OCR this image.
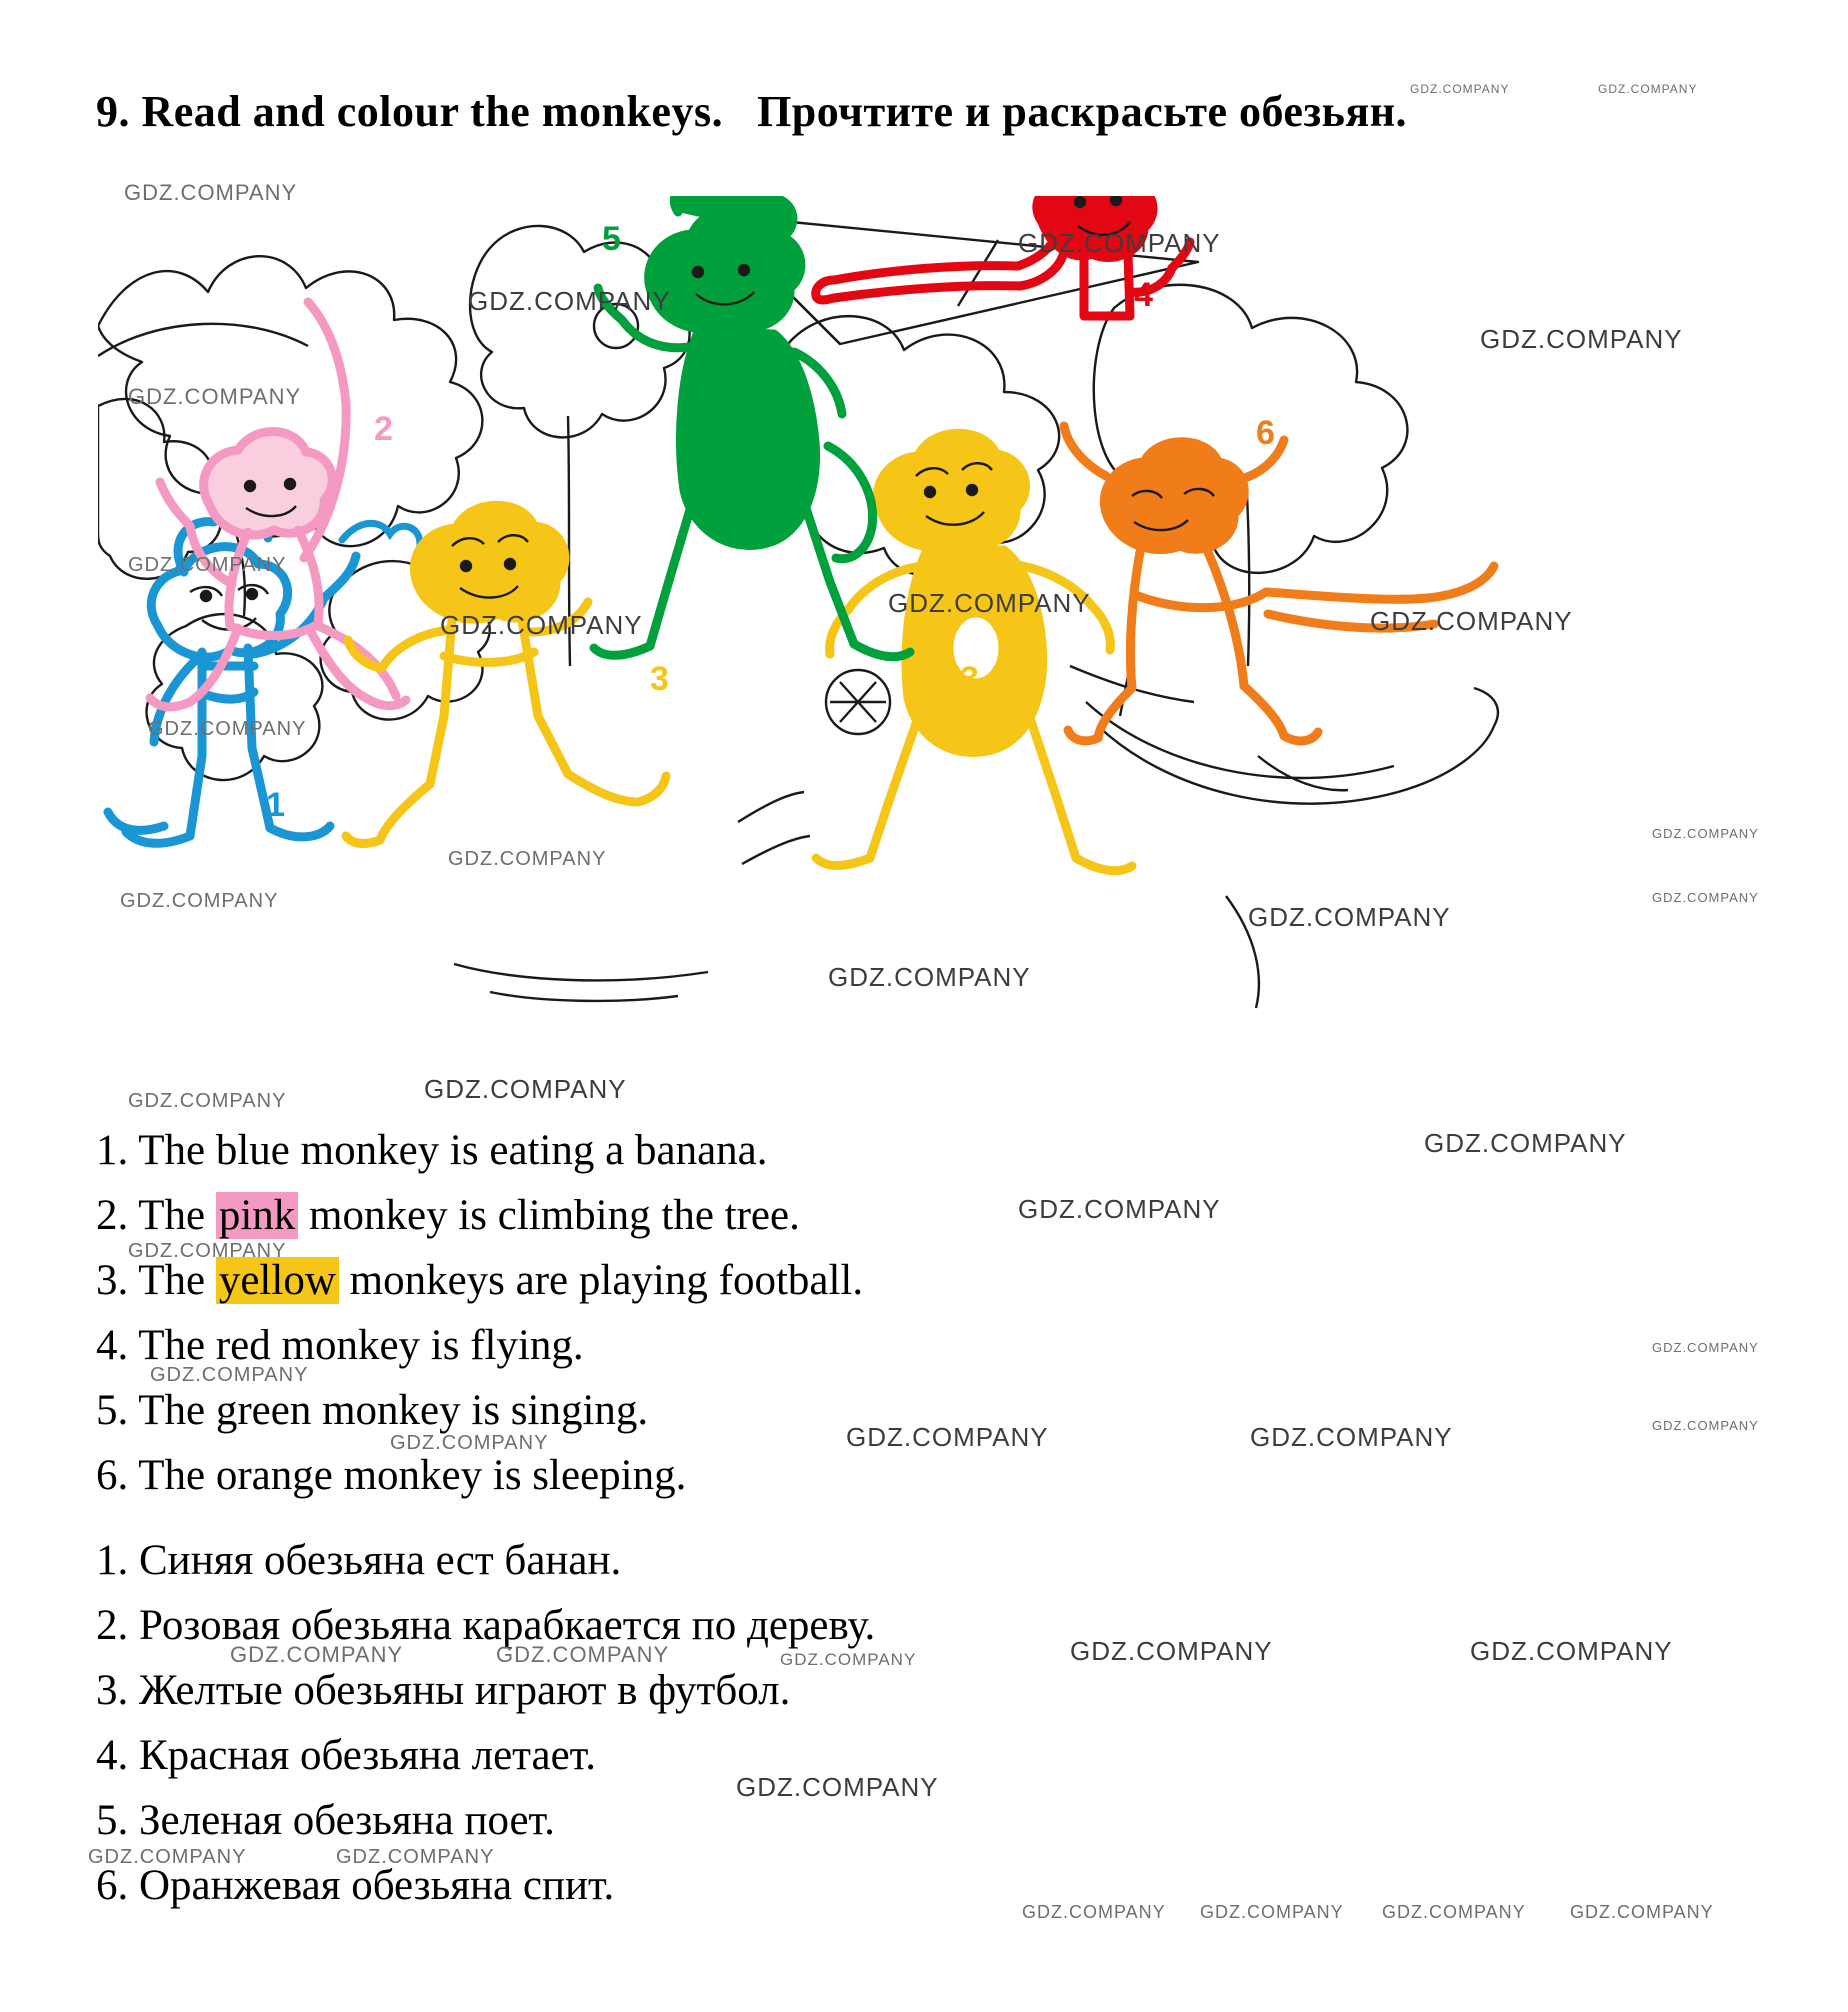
9. Read and colour the monkeys. Прочтите и раскрасьте обезьян.
1
2
3	3
4
5
6
1. The blue monkey is eating a banana.
2. The pink monkey is climbing the tree.
3. The yellow monkeys are playing football.
4. The red monkey is flying.
5. The green monkey is singing.
6. The orange monkey is sleeping.
1. Синяя обезьяна ест банан.
2. Розовая обезьяна карабкается по дереву.
3. Желтые обезьяны играют в футбол.
4. Красная обезьяна летает.
5. Зеленая обезьяна поет.
6. Оранжевая обезьяна спит.
GDZ.COMPANY
GDZ.COMPANY	GDZ.COMPANY
GDZ.COMPANY
GDZ.COMPANY
GDZ.COMPANY
GDZ.COMPANY
GDZ.COMPANY
GDZ.COMPANY
GDZ.COMPANY
GDZ.COMPANY
GDZ.COMPANY
GDZ.COMPANY
GDZ.COMPANY
GDZ.COMPANY
GDZ.COMPANY
GDZ.COMPANY
GDZ.COMPANY
GDZ.COMPANY
GDZ.COMPANY
GDZ.COMPANY
GDZ.COMPANY
GDZ.COMPANY
GDZ.COMPANY
GDZ.COMPANY
GDZ.COMPANY	GDZ.COMPANY	GDZ.COMPANY
GDZ.COMPANY
GDZ.COMPANY	GDZ.COMPANY	GDZ.COMPANY	GDZ.COMPANY	GDZ.COMPANY
GDZ.COMPANY
GDZ.COMPANY	GDZ.COMPANY
GDZ.COMPANY GDZ.COMPANY GDZ.COMPANY GDZ.COMPANY
